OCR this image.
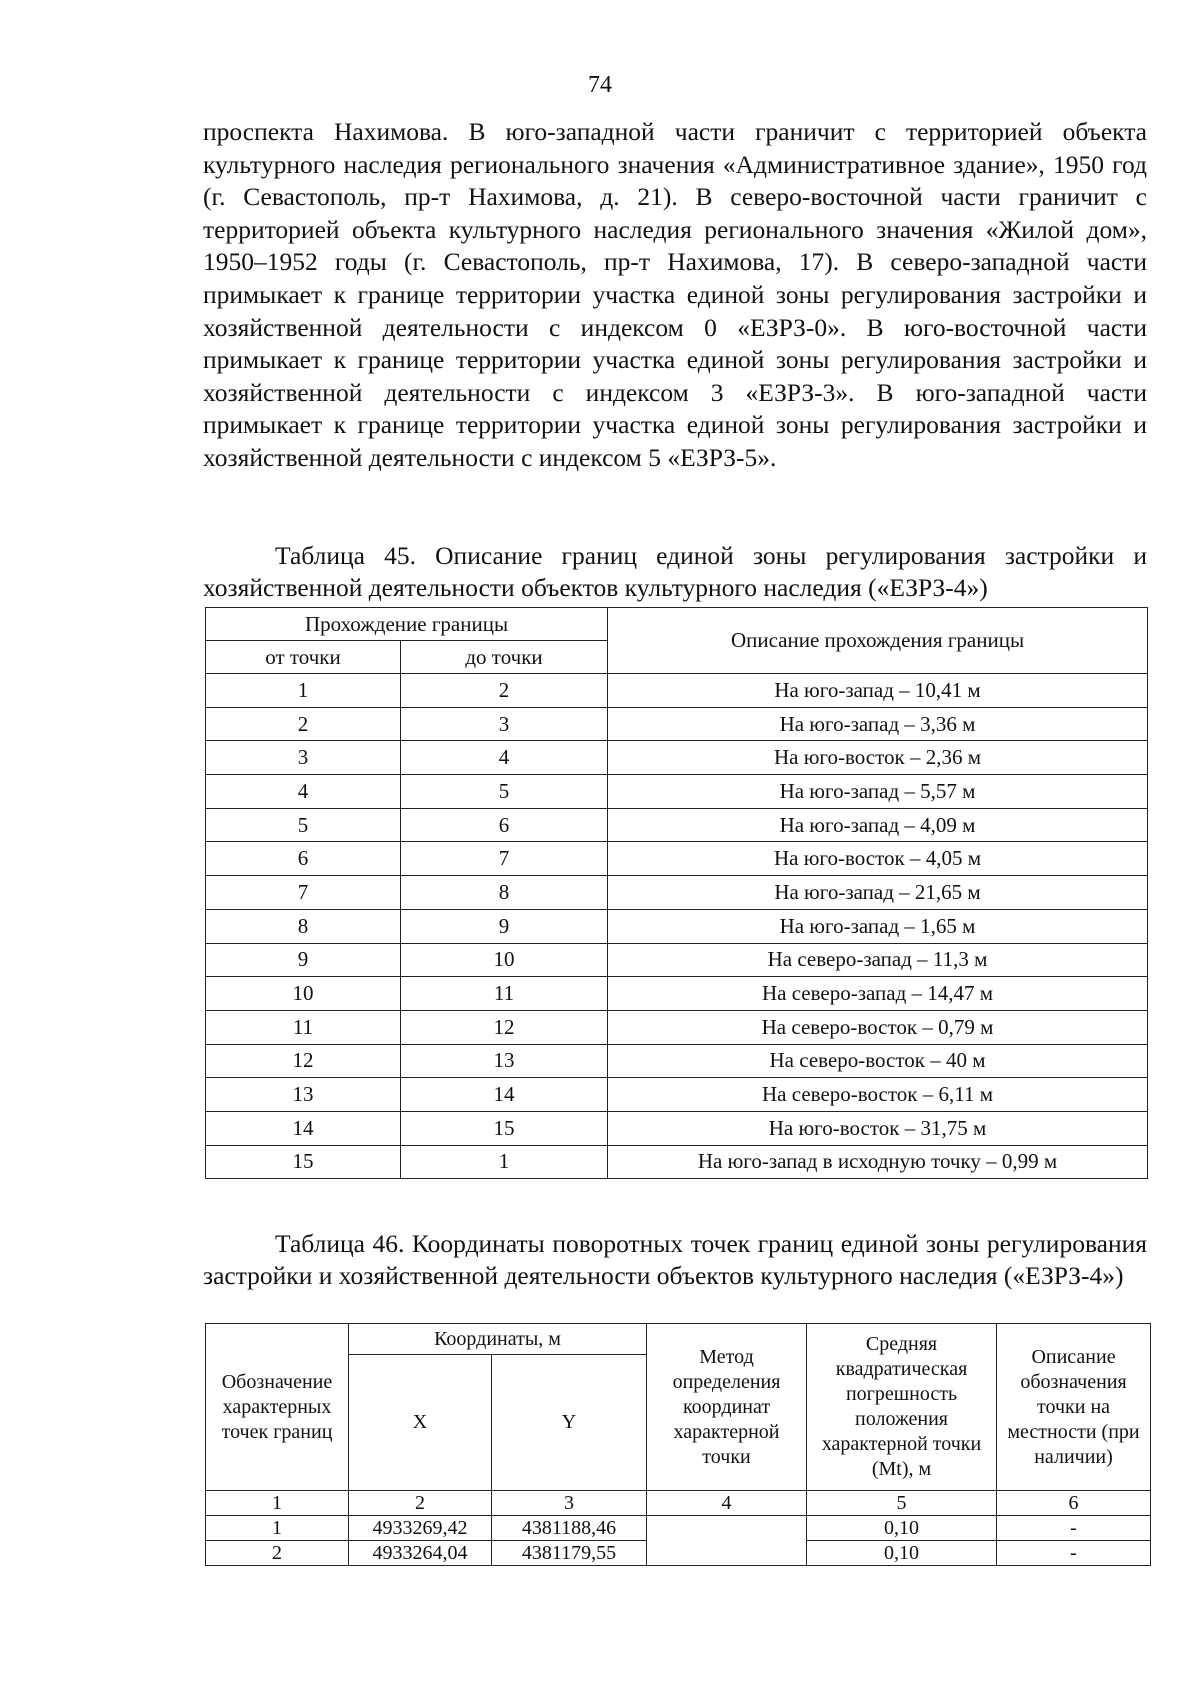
74

проспекта Нахимова. В юго-западной части граничит с территорией объекта культурного наследия регионального значения «Административное здание», 1950 год (г. Севастополь, пр-т Нахимова, д. 21). В северо-восточной части граничит с территорией объекта культурного наследия регионального значения «Жилой дом», 1950–1952 годы (г. Севастополь, пр-т Нахимова, 17). В северо-западной части примыкает к границе территории участка единой зоны регулирования застройки и хозяйственной деятельности с индексом 0 «ЕЗРЗ-0». В юго-восточной части примыкает к границе территории участка единой зоны регулирования застройки и хозяйственной деятельности с индексом 3 «ЕЗРЗ-3». В юго-западной части примыкает к границе территории участка единой зоны регулирования застройки и хозяйственной деятельности с индексом 5 «ЕЗРЗ-5».

Таблица 45. Описание границ единой зоны регулирования застройки и хозяйственной деятельности объектов культурного наследия («ЕЗРЗ-4»)

Прохождение границы		Описание прохождения границы
от точки	до точки	
1	2	На юго-запад – 10,41 м
2	3	На юго-запад – 3,36 м
3	4	На юго-восток – 2,36 м
4	5	На юго-запад – 5,57 м
5	6	На юго-запад – 4,09 м
6	7	На юго-восток – 4,05 м
7	8	На юго-запад – 21,65 м
8	9	На юго-запад – 1,65 м
9	10	На северо-запад – 11,3 м
10	11	На северо-запад – 14,47 м
11	12	На северо-восток – 0,79 м
12	13	На северо-восток – 40 м
13	14	На северо-восток – 6,11 м
14	15	На юго-восток – 31,75 м
15	1	На юго-запад в исходную точку – 0,99 м

Таблица 46. Координаты поворотных точек границ единой зоны регулирования застройки и хозяйственной деятельности объектов культурного наследия («ЕЗРЗ-4»)

Обозначение характерных точек границ	Координаты, м		Метод определения координат характерной точки	Средняя квадратическая погрешность положения характерной точки (Mt), м	Описание обозначения точки на местности (при наличии)
	X	Y			
1	2	3	4	5	6
1	4933269,42	4381188,46		0,10	-
2	4933264,04	4381179,55		0,10	-
